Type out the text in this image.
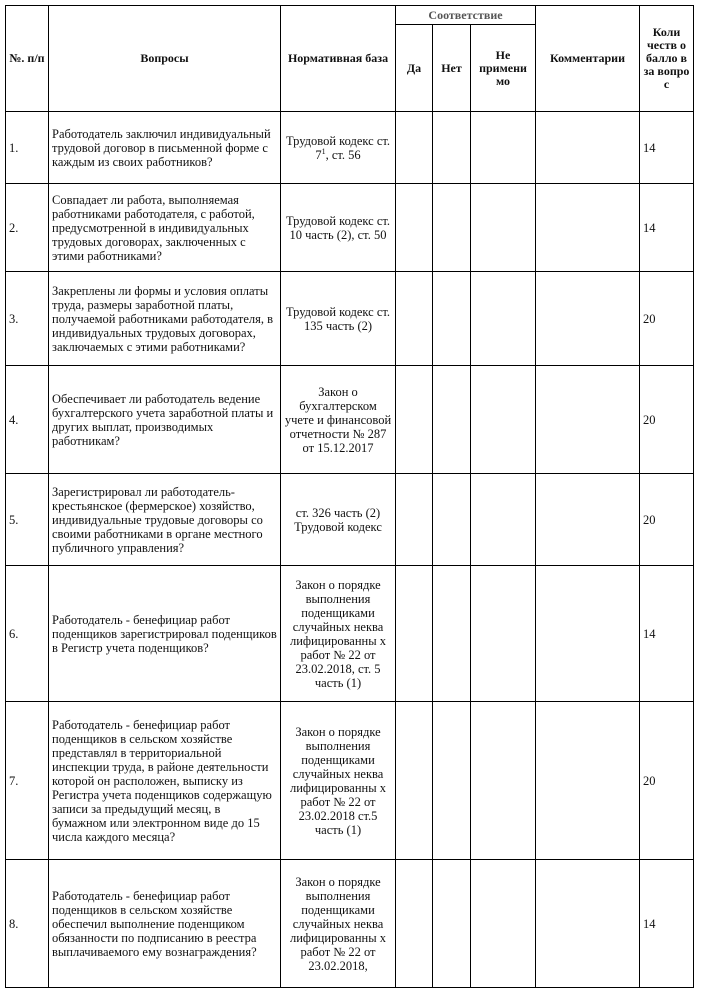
№. п/п	Вопросы	Нормативная база	Соответствие			Комментарии	Коли честв о балло в за вопро с
			Да	Нет	Не примени мо		
1.	Работодатель заключил индивидуальный трудовой договор в письменной форме с каждым из своих работников?	Трудовой кодекс ст. $7^1$, ст. 56					14
2.	Совпадает ли работа, выполняемая работниками работодателя, с работой, предусмотренной в индивидуальных трудовых договорах, заключенных с этими работниками?	Трудовой кодекс ст. 10 часть (2), ст. 50					14
3.	Закреплены ли формы и условия оплаты труда, размеры заработной платы, получаемой работниками работодателя, в индивидуальных трудовых договорах, заключаемых с этими работниками?	Трудовой кодекс ст. 135 часть (2)					20
4.	Обеспечивает ли работодатель ведение бухгалтерского учета заработной платы и других выплат, производимых работникам?	Закон о бухгалтерском учете и финансовой отчетности № 287 от 15.12.2017					20
5.	Зарегистрировал ли работодатель-крестьянское (фермерское) хозяйство, индивидуальные трудовые договоры со своими работниками в органе местного публичного управления?	ст. 326 часть (2) Трудовой кодекс					20
6.	Работодатель - бенефициар работ поденщиков зарегистрировал поденщиков в Регистр учета поденщиков?	Закон о порядке выполнения поденщиками случайных неква лифицированны х работ № 22 от 23.02.2018, ст. 5 часть (1)					14
7.	Работодатель - бенефициар работ поденщиков в сельском хозяйстве представлял в территориальной инспекции труда, в районе деятельности которой он расположен, выписку из Регистра учета поденщиков содержащую записи за предыдущий месяц, в бумажном или электронном виде до 15 числа каждого месяца?	Закон о порядке выполнения поденщиками случайных неква лифицированны х работ № 22 от 23.02.2018 ст.5 часть (1)					20
8.	Работодатель - бенефициар работ поденщиков в сельском хозяйстве обеспечил выполнение поденщиком обязанности по подписанию в реестра выплачиваемого ему вознаграждения?	Закон о порядке выполнения поденщиками случайных неква лифицированны х работ № 22 от 23.02.2018,					14
